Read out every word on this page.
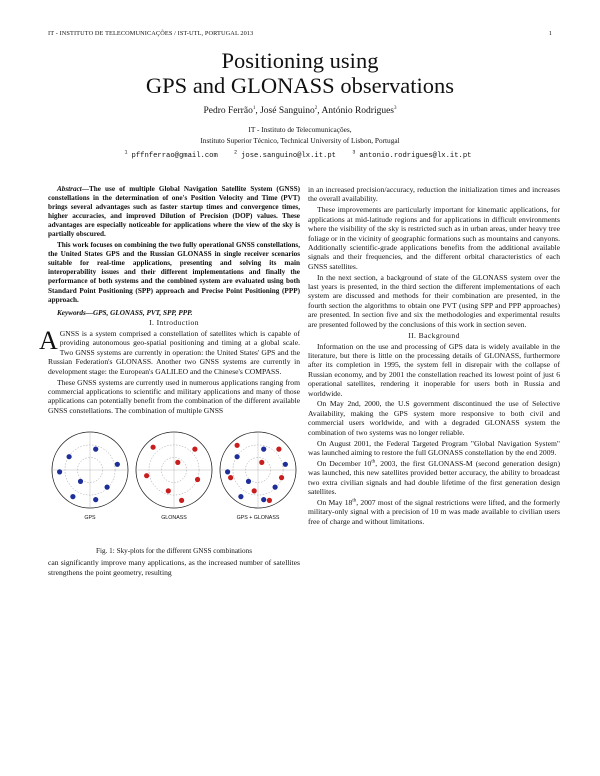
IT - INSTITUTO DE TELECOMUNICAÇÕES / IST-UTL, PORTUGAL 2013	1
Positioning using
GPS and GLONASS observations
Pedro Ferrão$^1$, José Sanguino$^2$, António Rodrigues$^3$
IT - Instituto de Telecomunicações,
Instituto Superior Técnico, Technical University of Lisbon, Portugal
$^1$ pffnferrao@gmail.com	$^2$ jose.sanguino@lx.it.pt	$^3$ antonio.rodrigues@lx.it.pt

Abstract—The use of multiple Global Navigation Satellite System (GNSS) constellations in the determination of one's Position Velocity and Time (PVT) brings several advantages such as faster startup times and convergence times, higher accuracies, and improved Dilution of Precision (DOP) values. These advantages are especially noticeable for applications where the view of the sky is partially obscured.

This work focuses on combining the two fully operational GNSS constellations, the United States GPS and the Russian GLONASS in single receiver scenarios suitable for real-time applications, presenting and solving its main interoperability issues and their different implementations and finally the performance of both systems and the combined system are evaluated using both Standard Point Positioning (SPP) approach and Precise Point Positioning (PPP) approach.

Keywords—GPS, GLONASS, PVT, SPP, PPP.

I. Introduction

AGNSS is a system comprised a constellation of satellites which is capable of providing autonomous geo-spatial positioning and timing at a global scale. Two GNSS systems are currently in operation: the United States' GPS and the Russian Federation's GLONASS. Another two GNSS systems are currently in development stage: the European's GALILEO and the Chinese's COMPASS.

These GNSS systems are currently used in numerous applications ranging from commercial applications to scientific and military applications and many of those applications can potentially benefit from the combination of the different available GNSS constellations. The combination of multiple GNSS

GPS	GLONASS	GPS + GLONASS

Fig. 1: Sky-plots for the different GNSS combinations

can significantly improve many applications, as the increased number of satellites strengthens the point geometry, resulting

in an increased precision/accuracy, reduction the initialization times and increases the overall availability.

These improvements are particularly important for kinematic applications, for applications at mid-latitude regions and for applications in difficult environments where the visibility of the sky is restricted such as in urban areas, under heavy tree foliage or in the vicinity of geographic formations such as mountains and canyons. Additionally scientific-grade applications benefits from the additional available signals and their frequencies, and the different orbital characteristics of each GNSS satellites.

In the next section, a background of state of the GLONASS system over the last years is presented, in the third section the different implementations of each system are discussed and methods for their combination are presented, in the fourth section the algorithms to obtain one PVT (using SPP and PPP approaches) are presented. In section five and six the methodologies and experimental results are presented followed by the conclusions of this work in section seven.

II. Background

Information on the use and processing of GPS data is widely available in the literature, but there is little on the processing details of GLONASS, furthermore after its completion in 1995, the system fell in disrepair with the collapse of Russian economy, and by 2001 the constellation reached its lowest point of just 6 operational satellites, rendering it inoperable for users both in Russia and worldwide.

On May 2nd, 2000, the U.S government discontinued the use of Selective Availability, making the GPS system more responsive to both civil and commercial users worldwide, and with a degraded GLONASS system the combination of two systems was no longer reliable.

On August 2001, the Federal Targeted Program "Global Navigation System" was launched aiming to restore the full GLONASS constellation by the end 2009.

On December 10th, 2003, the first GLONASS-M (second generation design) was launched, this new satellites provided better accuracy, the ability to broadcast two extra civilian signals and had double lifetime of the first generation design satellites.

On May 18th, 2007 most of the signal restrictions were lifted, and the formerly military-only signal with a precision of 10 m was made available to civilian users free of charge and without limitations.
